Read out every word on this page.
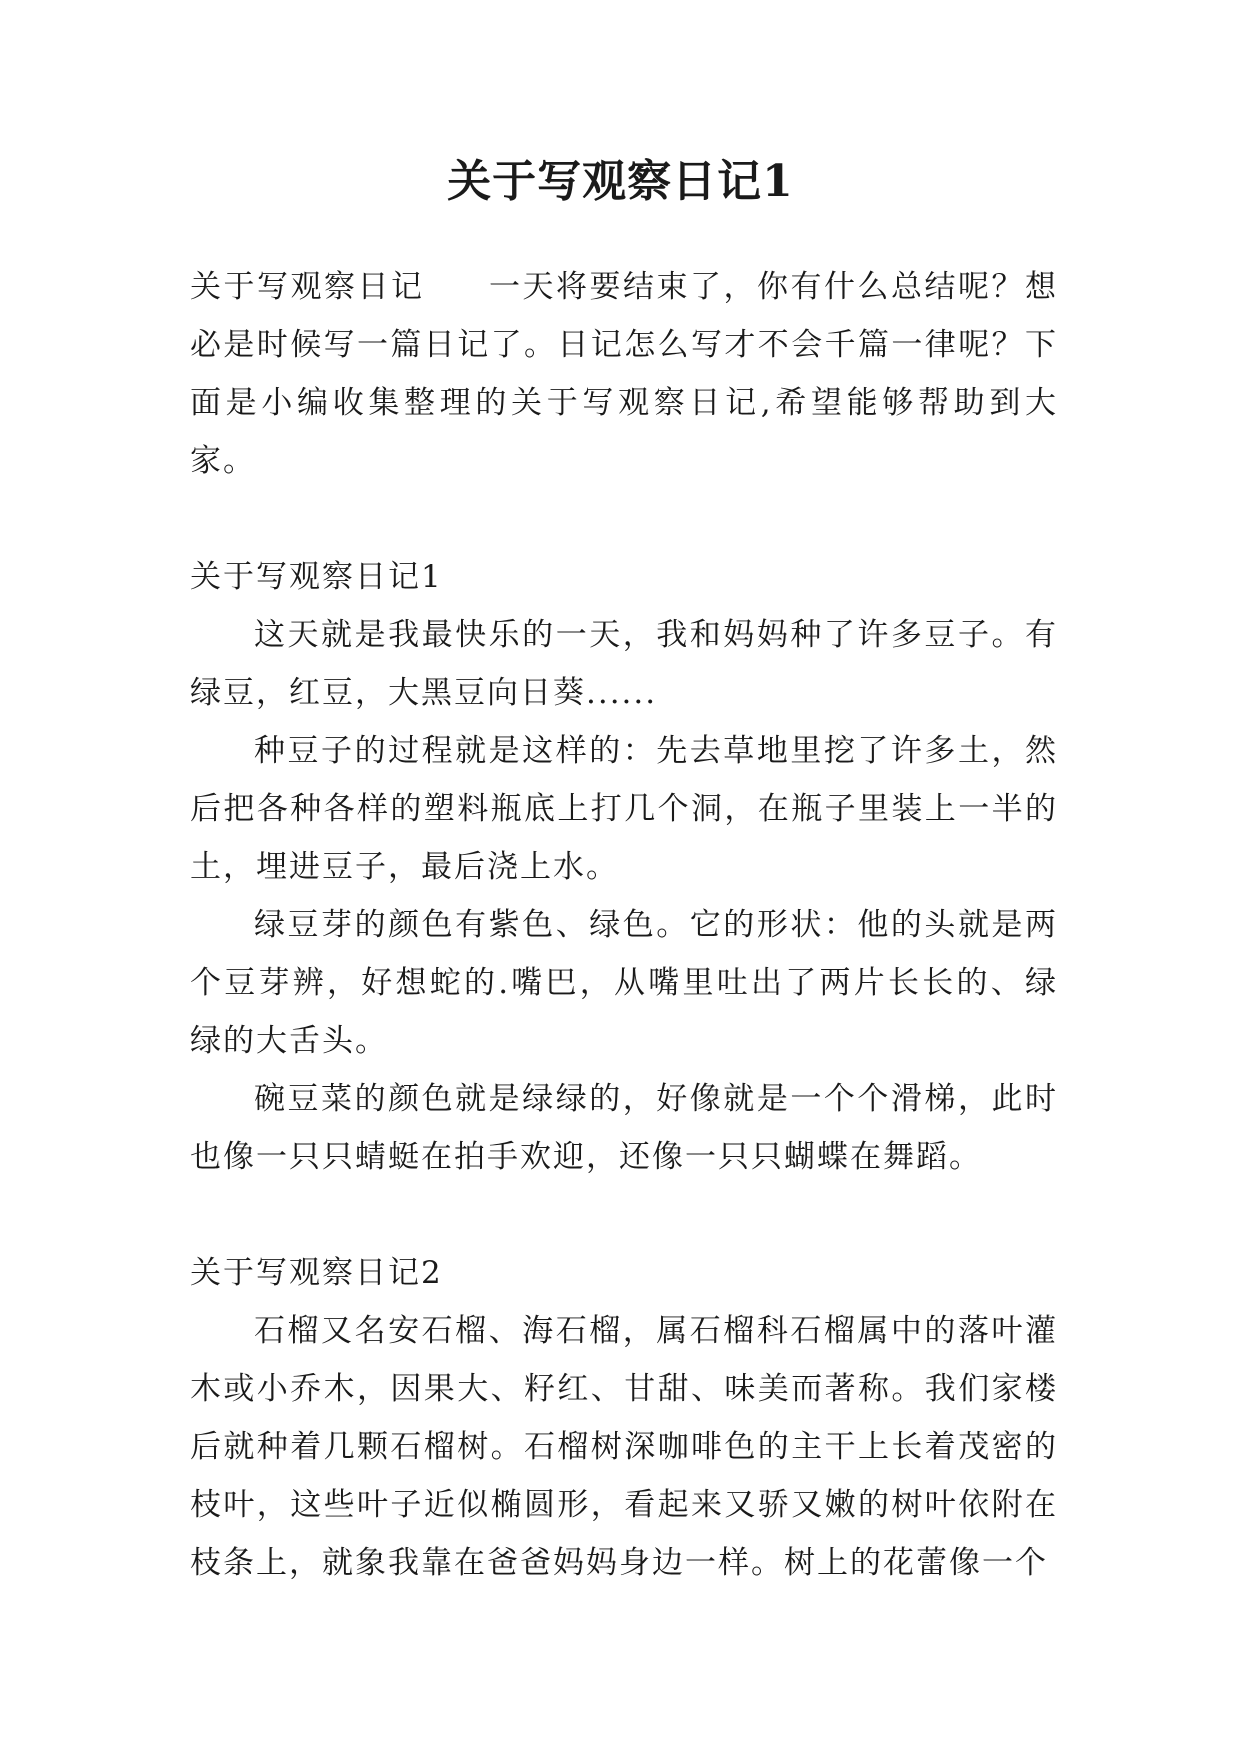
关于写观察日记1

关于写观察日记 一天将要结束了，你有什么总结呢？想必是时候写一篇日记了。日记怎么写才不会千篇一律呢？下面是小编收集整理的关于写观察日记,希望能够帮助到大家。

关于写观察日记1

这天就是我最快乐的一天，我和妈妈种了许多豆子。有绿豆，红豆，大黑豆向日葵......

种豆子的过程就是这样的：先去草地里挖了许多土，然后把各种各样的塑料瓶底上打几个洞，在瓶子里装上一半的土，埋进豆子，最后浇上水。

绿豆芽的颜色有紫色、绿色。它的形状：他的头就是两个豆芽辨，好想蛇的.嘴巴，从嘴里吐出了两片长长的、绿绿的大舌头。

碗豆菜的颜色就是绿绿的，好像就是一个个滑梯，此时也像一只只蜻蜓在拍手欢迎，还像一只只蝴蝶在舞蹈。

关于写观察日记2

石榴又名安石榴、海石榴，属石榴科石榴属中的落叶灌木或小乔木，因果大、籽红、甘甜、味美而著称。我们家楼后就种着几颗石榴树。石榴树深咖啡色的主干上长着茂密的枝叶，这些叶子近似椭圆形，看起来又骄又嫩的树叶依附在枝条上，就象我靠在爸爸妈妈身边一样。树上的花蕾像一个
